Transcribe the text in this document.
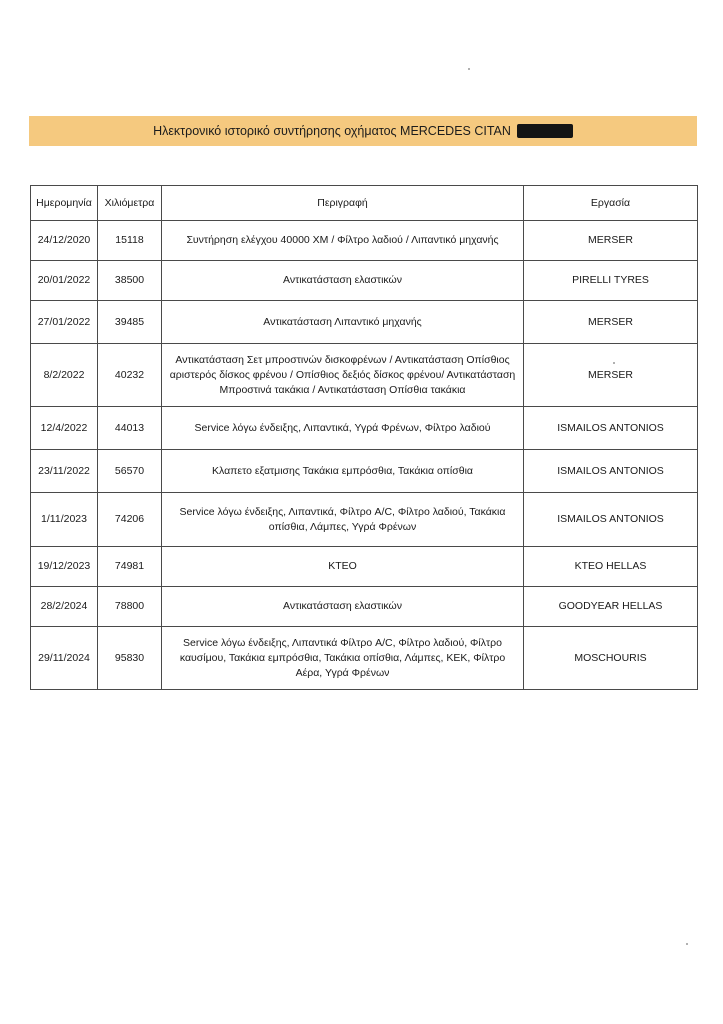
Ηλεκτρονικό ιστορικό συντήρησης οχήματος MERCEDES CITAN
Ημερομηνία	Χιλιόμετρα	Περιγραφή	Εργασία
24/12/2020	15118	Συντήρηση ελέγχου 40000 ΧΜ / Φίλτρο λαδιού / Λιπαντικό μηχανής	MERSER
20/01/2022	38500	Αντικατάσταση ελαστικών	PIRELLI TYRES
27/01/2022	39485	Αντικατάσταση Λιπαντικό μηχανής	MERSER
8/2/2022	40232	Αντικατάσταση Σετ μπροστινών δισκοφρένων / Αντικατάσταση Οπίσθιος αριστερός δίσκος φρένου / Οπίσθιος δεξιός δίσκος φρένου/ Αντικατάσταση Μπροστινά τακάκια / Αντικατάσταση Οπίσθια τακάκια	MERSER
12/4/2022	44013	Service λόγω ένδειξης, Λιπαντικά, Υγρά Φρένων, Φίλτρο λαδιού	ISMAILOS ANTONIOS
23/11/2022	56570	Κλαπετο εξατμισης Τακάκια εμπρόσθια, Τακάκια οπίσθια	ISMAILOS ANTONIOS
1/11/2023	74206	Service λόγω ένδειξης, Λιπαντικά, Φίλτρο A/C, Φίλτρο λαδιού, Τακάκια οπίσθια, Λάμπες, Υγρά Φρένων	ISMAILOS ANTONIOS
19/12/2023	74981	ΚΤΕΟ	KTEO HELLAS
28/2/2024	78800	Αντικατάσταση ελαστικών	GOODYEAR HELLAS
29/11/2024	95830	Service λόγω ένδειξης, Λιπαντικά Φίλτρο A/C, Φίλτρο λαδιού, Φίλτρο καυσίμου, Τακάκια εμπρόσθια, Τακάκια οπίσθια, Λάμπες, ΚΕΚ, Φίλτρο Αέρα, Υγρά Φρένων	MOSCHOURIS
